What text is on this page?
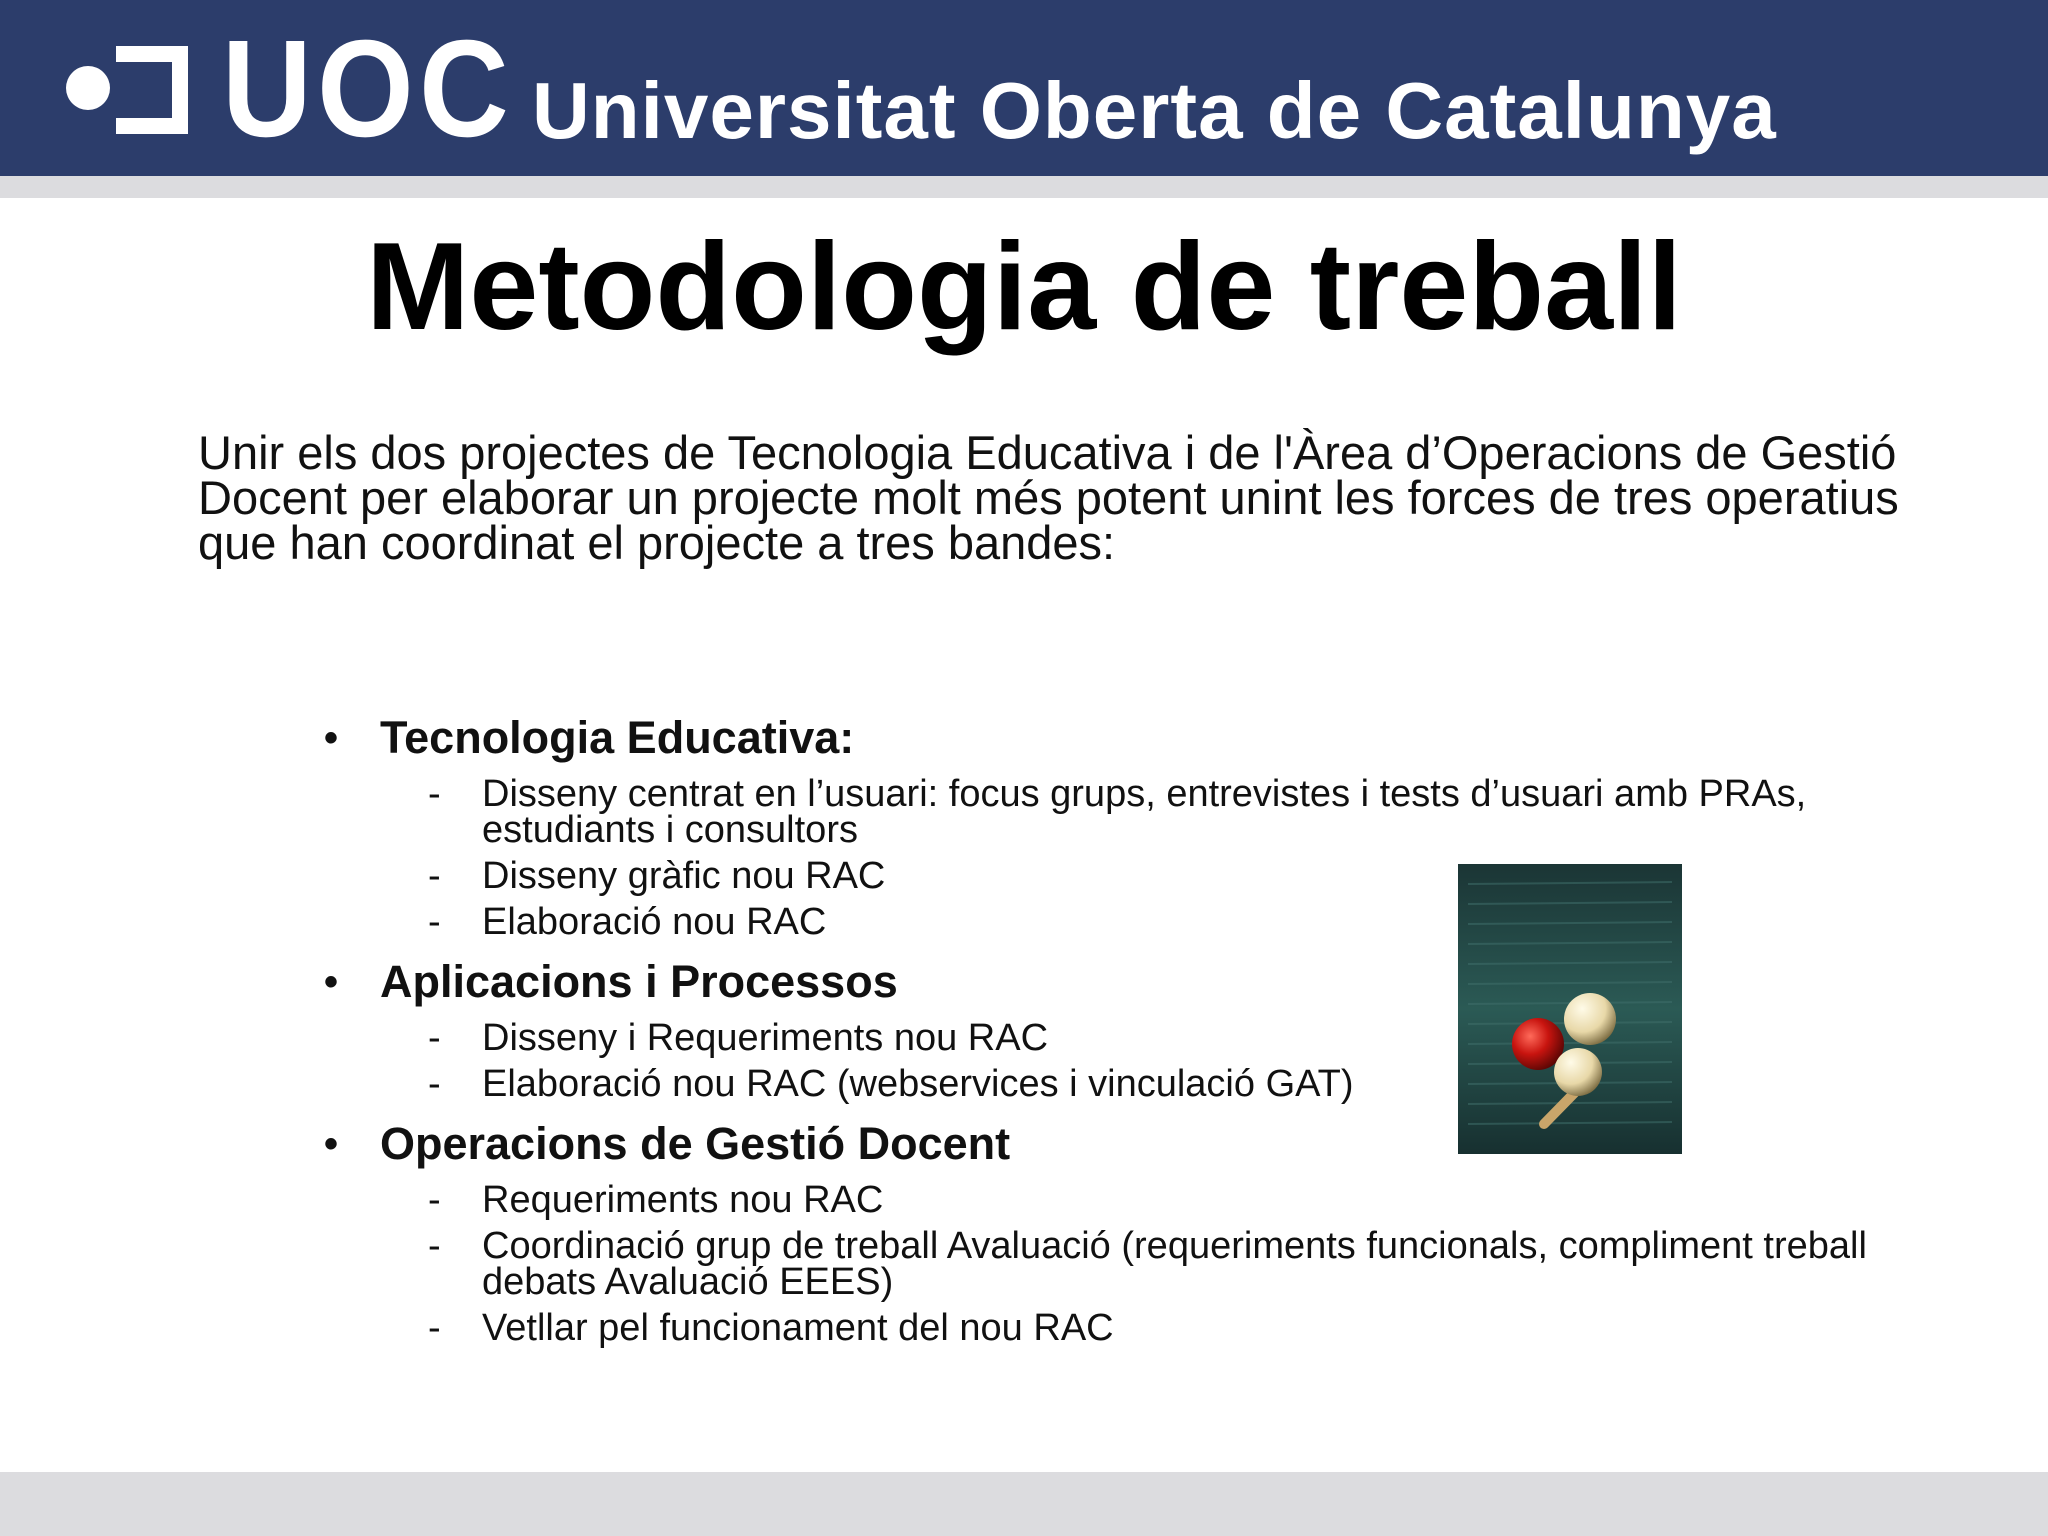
UOC Universitat Oberta de Catalunya
Metodologia de treball
Unir els dos projectes de Tecnologia Educativa i de l'Àrea d’Operacions de Gestió Docent per elaborar un projecte molt més potent unint les forces de tres operatius que han coordinat el projecte a tres bandes:
• Tecnologia Educativa:
- Disseny centrat en l’usuari: focus grups, entrevistes i tests d’usuari amb PRAs, estudiants i consultors
- Disseny gràfic nou RAC
- Elaboració nou RAC
• Aplicacions i Processos
- Disseny i Requeriments nou RAC
- Elaboració nou RAC (webservices i vinculació GAT)
• Operacions de Gestió Docent
- Requeriments nou RAC
- Coordinació grup de treball Avaluació (requeriments funcionals, compliment treball debats Avaluació EEES)
- Vetllar pel funcionament del nou RAC
